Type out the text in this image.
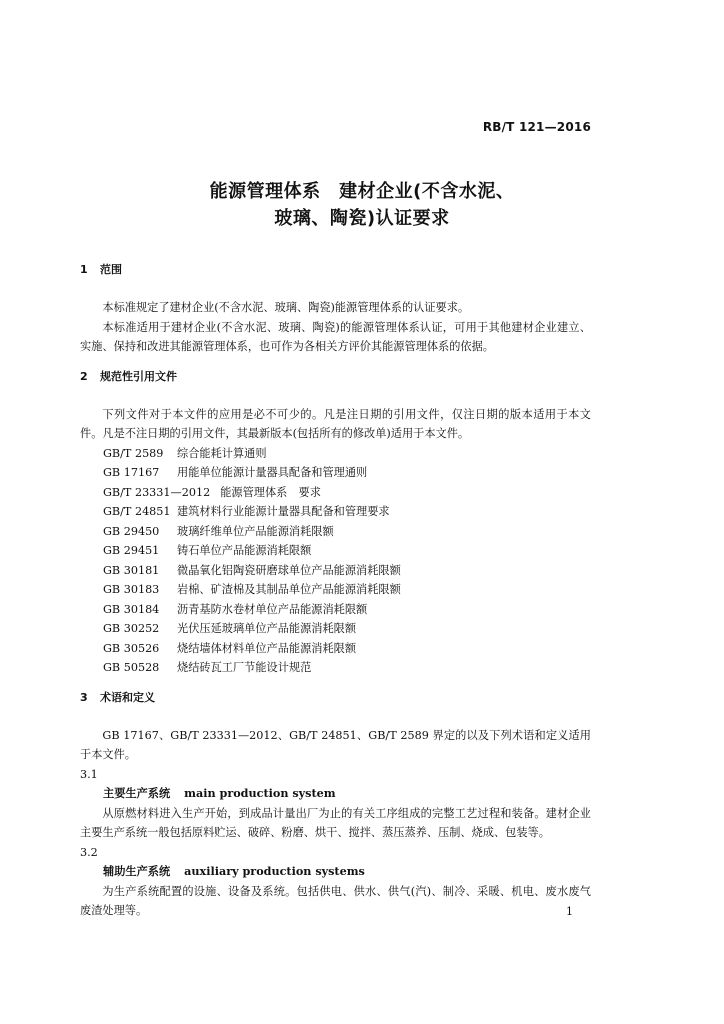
RB/T 121—2016
能源管理体系　建材企业(不含水泥、
玻璃、陶瓷)认证要求
1 范围
本标准规定了建材企业(不含水泥、玻璃、陶瓷)能源管理体系的认证要求。
本标准适用于建材企业(不含水泥、玻璃、陶瓷)的能源管理体系认证，可用于其他建材企业建立、实施、保持和改进其能源管理体系，也可作为各相关方评价其能源管理体系的依据。
2 规范性引用文件
下列文件对于本文件的应用是必不可少的。凡是注日期的引用文件，仅注日期的版本适用于本文件。凡是不注日期的引用文件，其最新版本(包括所有的修改单)适用于本文件。
GB/T 2589 综合能耗计算通则
GB 17167 用能单位能源计量器具配备和管理通则
GB/T 23331—2012 能源管理体系　要求
GB/T 24851 建筑材料行业能源计量器具配备和管理要求
GB 29450 玻璃纤维单位产品能源消耗限额
GB 29451 铸石单位产品能源消耗限额
GB 30181 微晶氧化铝陶瓷研磨球单位产品能源消耗限额
GB 30183 岩棉、矿渣棉及其制品单位产品能源消耗限额
GB 30184 沥青基防水卷材单位产品能源消耗限额
GB 30252 光伏压延玻璃单位产品能源消耗限额
GB 30526 烧结墙体材料单位产品能源消耗限额
GB 50528 烧结砖瓦工厂节能设计规范
3 术语和定义
GB 17167、GB/T 23331—2012、GB/T 24851、GB/T 2589 界定的以及下列术语和定义适用于本文件。
3.1
主要生产系统 main production system
从原燃材料进入生产开始，到成品计量出厂为止的有关工序组成的完整工艺过程和装备。建材企业主要生产系统一般包括原料贮运、破碎、粉磨、烘干、搅拌、蒸压蒸养、压制、烧成、包装等。
3.2
辅助生产系统 auxiliary production systems
为生产系统配置的设施、设备及系统。包括供电、供水、供气(汽)、制冷、采暖、机电、废水废气废渣处理等。	1
